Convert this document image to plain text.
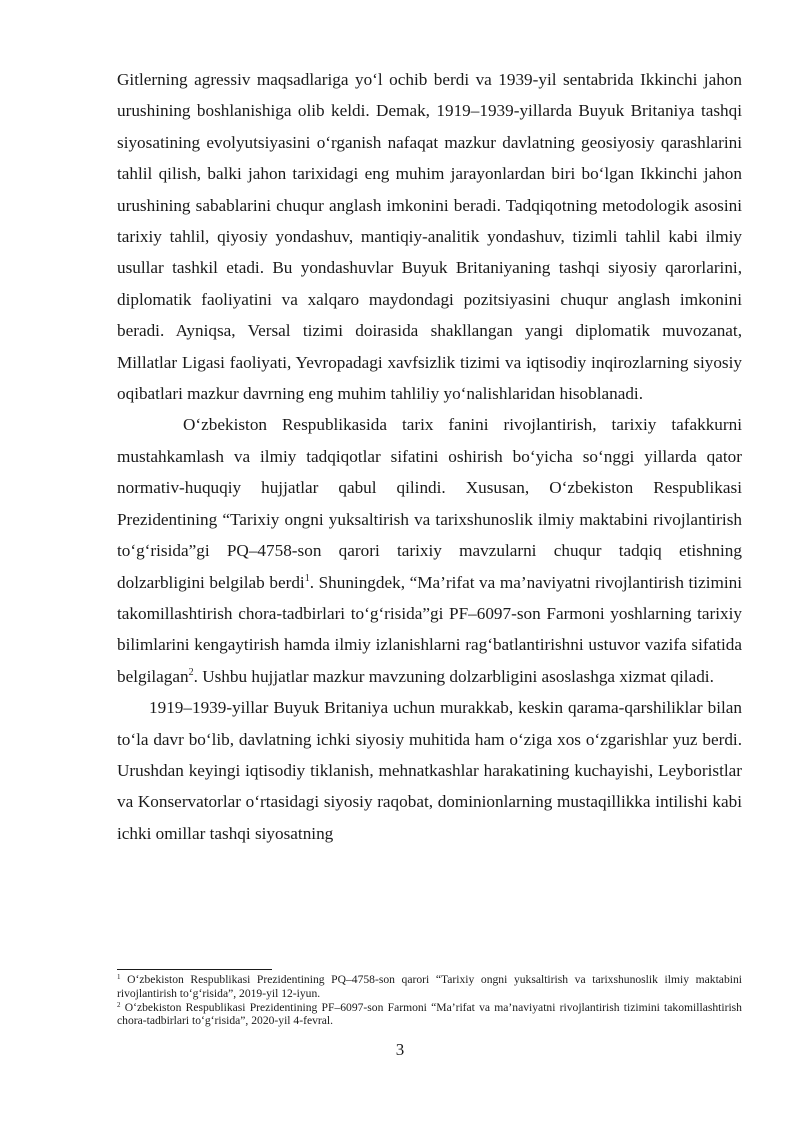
Gitlerning agressiv maqsadlariga yo‘l ochib berdi va 1939-yil sentabrida Ikkinchi jahon urushining boshlanishiga olib keldi. Demak, 1919–1939-yillarda Buyuk Britaniya tashqi siyosatining evolyutsiyasini o‘rganish nafaqat mazkur davlatning geosiyosiy qarashlarini tahlil qilish, balki jahon tarixidagi eng muhim jarayonlardan biri bo‘lgan Ikkinchi jahon urushining sabablarini chuqur anglash imkonini beradi. Tadqiqotning metodologik asosini tarixiy tahlil, qiyosiy yondashuv, mantiqiy-analitik yondashuv, tizimli tahlil kabi ilmiy usullar tashkil etadi. Bu yondashuvlar Buyuk Britaniyaning tashqi siyosiy qarorlarini, diplomatik faoliyatini va xalqaro maydondagi pozitsiyasini chuqur anglash imkonini beradi. Ayniqsa, Versal tizimi doirasida shakllangan yangi diplomatik muvozanat, Millatlar Ligasi faoliyati, Yevropadagi xavfsizlik tizimi va iqtisodiy inqirozlarning siyosiy oqibatlari mazkur davrning eng muhim tahliliy yo‘nalishlaridan hisoblanadi.

O‘zbekiston Respublikasida tarix fanini rivojlantirish, tarixiy tafakkurni mustahkamlash va ilmiy tadqiqotlar sifatini oshirish bo‘yicha so‘nggi yillarda qator normativ-huquqiy hujjatlar qabul qilindi. Xususan, O‘zbekiston Respublikasi Prezidentining “Tarixiy ongni yuksaltirish va tarixshunoslik ilmiy maktabini rivojlantirish to‘g‘risida”gi PQ–4758-son qarori tarixiy mavzularni chuqur tadqiq etishning dolzarbligini belgilab berdi$^1$. Shuningdek, “Ma’rifat va ma’naviyatni rivojlantirish tizimini takomillashtirish chora-tadbirlari to‘g‘risida”gi PF–6097-son Farmoni yoshlarning tarixiy bilimlarini kengaytirish hamda ilmiy izlanishlarni rag‘batlantirishni ustuvor vazifa sifatida belgilagan$^2$. Ushbu hujjatlar mazkur mavzuning dolzarbligini asoslashga xizmat qiladi.

1919–1939-yillar Buyuk Britaniya uchun murakkab, keskin qarama-qarshiliklar bilan to‘la davr bo‘lib, davlatning ichki siyosiy muhitida ham o‘ziga xos o‘zgarishlar yuz berdi. Urushdan keyingi iqtisodiy tiklanish, mehnatkashlar harakatining kuchayishi, Leyboristlar va Konservatorlar o‘rtasidagi siyosiy raqobat, dominionlarning mustaqillikka intilishi kabi ichki omillar tashqi siyosatning

$^1$ O‘zbekiston Respublikasi Prezidentining PQ–4758-son qarori “Tarixiy ongni yuksaltirish va tarixshunoslik ilmiy maktabini rivojlantirish to‘g‘risida”, 2019-yil 12-iyun.

$^2$ O‘zbekiston Respublikasi Prezidentining PF–6097-son Farmoni “Ma’rifat va ma’naviyatni rivojlantirish tizimini takomillashtirish chora-tadbirlari to‘g‘risida”, 2020-yil 4-fevral.

3
